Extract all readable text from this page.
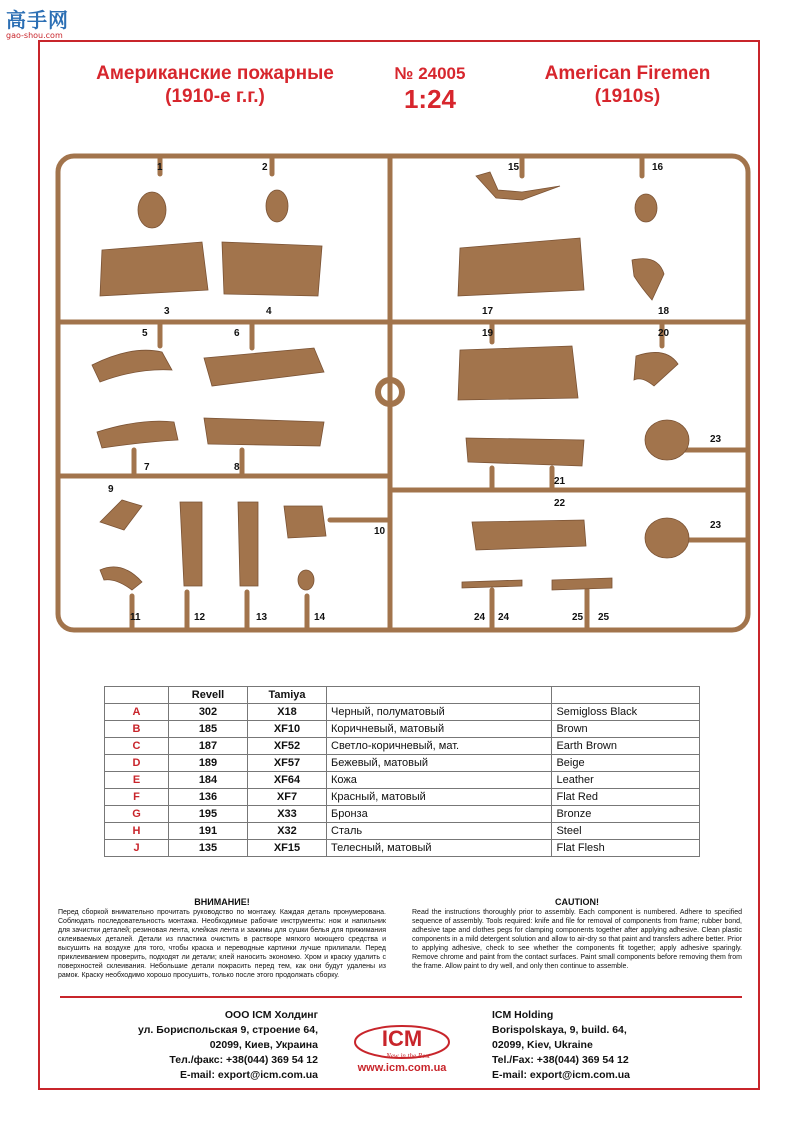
高手网
gao-shou.com
Американские пожарные
(1910-е г.г.)
№ 24005
1:24
American Firemen
(1910s)
1	2
3	4
5	6
7	8
9
10
11	12	13	14
15	16
17	18
19	20
21
22
23
23
24 24	25 25
	Revell	Tamiya		
A	302	X18	Черный, полуматовый	Semigloss Black
B	185	XF10	Коричневый, матовый	Brown
C	187	XF52	Светло-коричневый, мат.	Earth Brown
D	189	XF57	Бежевый, матовый	Beige
E	184	XF64	Кожа	Leather
F	136	XF7	Красный, матовый	Flat Red
G	195	X33	Бронза	Bronze
H	191	X32	Сталь	Steel
J	135	XF15	Телесный, матовый	Flat Flesh
ВНИМАНИЕ!
Перед сборкой внимательно прочитать руководство по монтажу. Каждая деталь пронумерована. Соблюдать последовательность монтажа. Необходимые рабочие инструменты: нож и напильник для зачистки деталей; резиновая лента, клейкая лента и зажимы для сушки белья для прижимания склеиваемых деталей. Детали из пластика очистить в растворе мягкого моющего средства и высушить на воздухе для того, чтобы краска и переводные картинки лучше прилипали. Перед приклеиванием проверить, подходят ли детали; клей наносить экономно. Хром и краску удалить с поверхностей склеивания. Небольшие детали покрасить перед тем, как они будут удалены из рамок. Краску необходимо хорошо просушить, только после этого продолжать сборку.
CAUTION!
Read the instructions thoroughly prior to assembly. Each component is numbered. Adhere to specified sequence of assembly. Tools required: knife and file for removal of components from frame; rubber bond, adhesive tape and clothes pegs for clamping components together after applying adhesive. Clean plastic components in a mild detergent solution and allow to air-dry so that paint and transfers adhere better. Prior to applying adhesive, check to see whether the components fit together; apply adhesive sparingly. Remove chrome and paint from the contact surfaces. Paint small components before removing them from the frame. Allow paint to dry well, and only then continue to assemble.
ООО ICM Холдинг
ул. Бориспольская 9, строение 64,
02099, Киев, Украина
Тел./факс: +38(044) 369 54 12
E-mail: export@icm.com.ua
ICM
New in the Best
www.icm.com.ua
ICM Holding
Borispolskaya, 9, build. 64,
02099, Kiev, Ukraine
Tel./Fax: +38(044) 369 54 12
E-mail: export@icm.com.ua
